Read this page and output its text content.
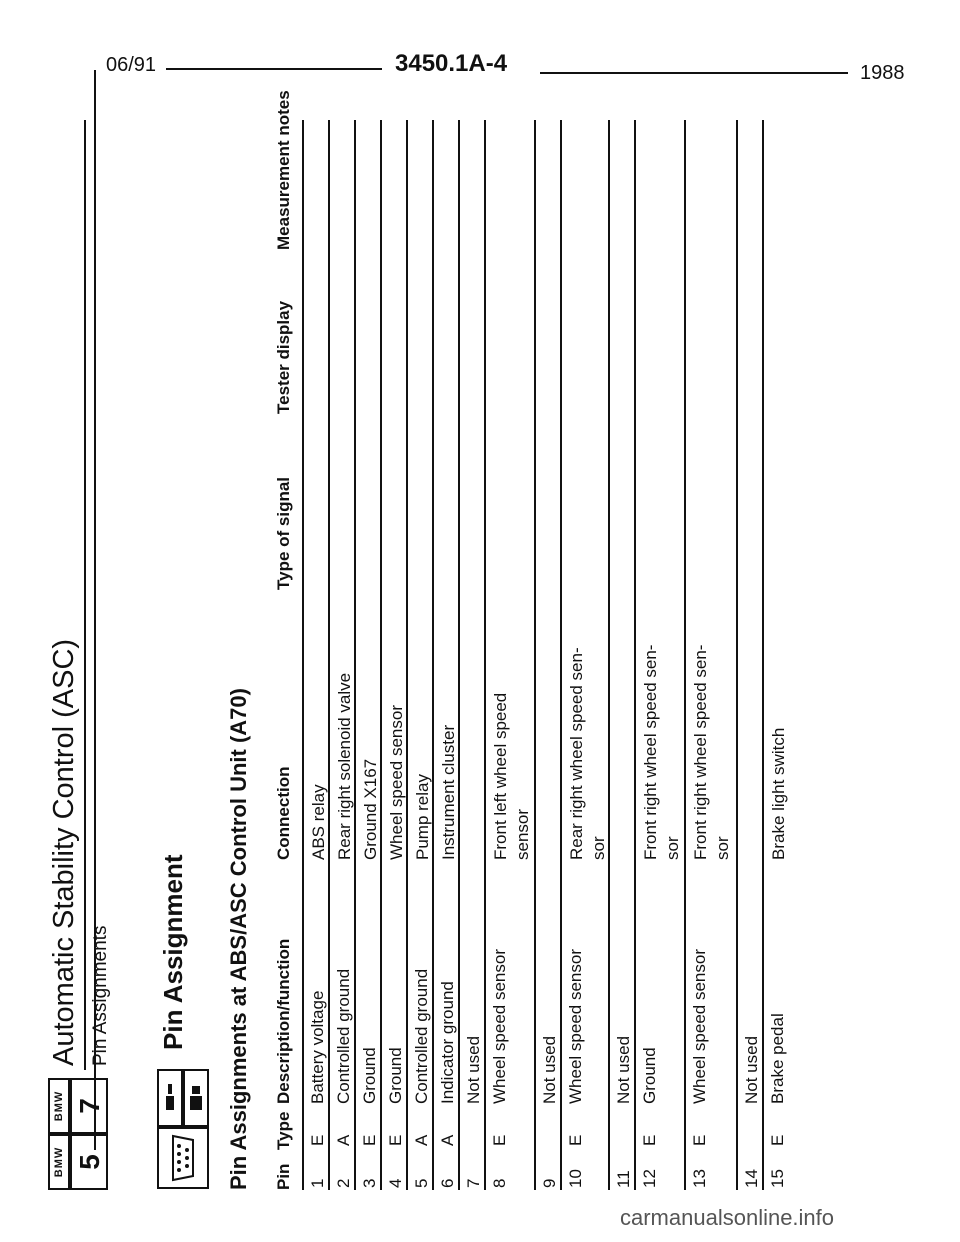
06/91	3450.1A-4	1988
BMW
BMW
5
7
Automatic Stability Control (ASC) Pin Assignments Pin Assignment Pin Assignments at ABS/ASC Control Unit (A70) Pin
Type
Description/function
Connection
Type of signal
Tester display
Measurement notes
1
E
Battery voltage
ABS relay
2
A
Controlled ground
Rear right solenoid valve
3
E
Ground
Ground X167
4
E
Ground
Wheel speed sensor
5
A
Controlled ground
Pump relay
6
A
Indicator ground
Instrument cluster
7
Not used
8
E
Wheel speed sensor
Front left wheel speed sensor
9
Not used
10
E
Wheel speed sensor
Rear right wheel speed sen-sor
11
Not used
12
E
Ground
Front right wheel speed sen-sor
13
E
Wheel speed sensor
Front right wheel speed sen-sor
14
Not used
15
E
Brake pedal
Brake light switch
carmanualsonline.info
